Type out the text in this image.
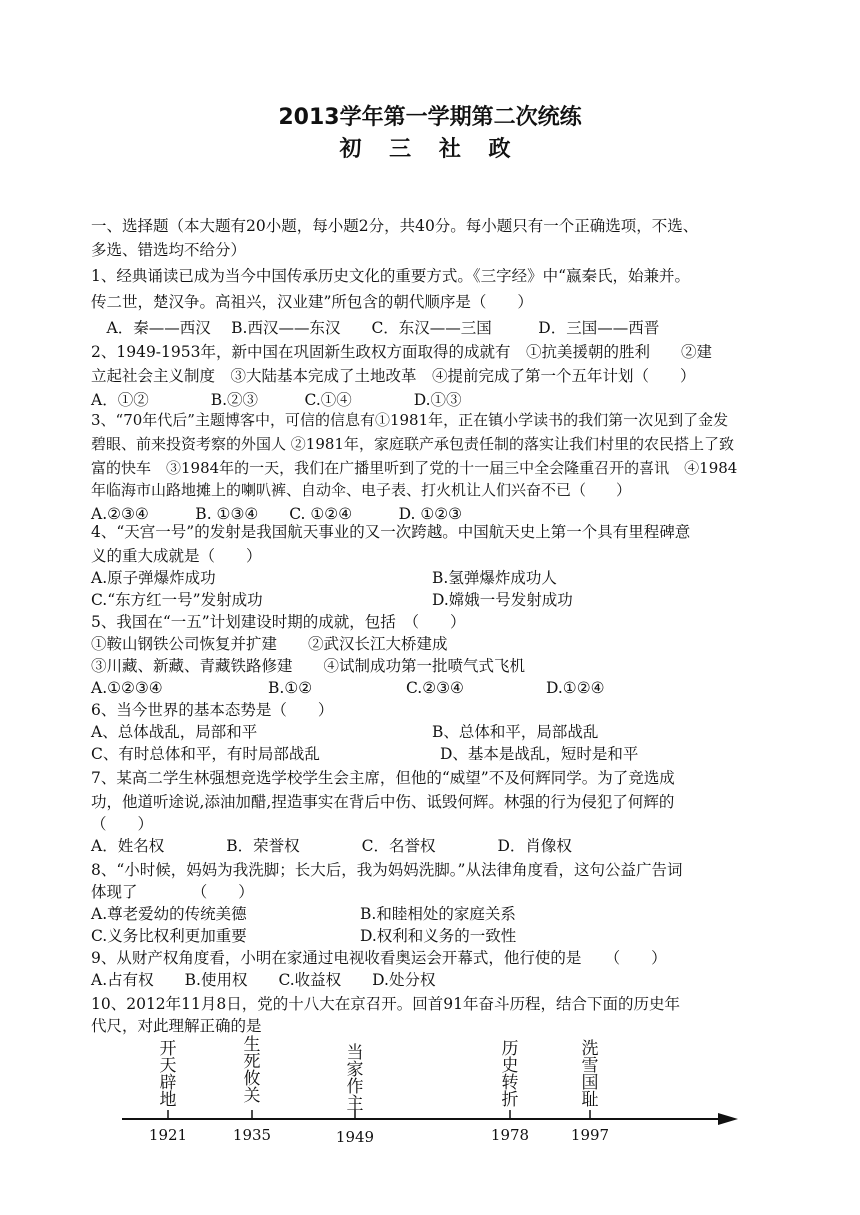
2013学年第一学期第二次统练
初 三 社 政
一、选择题（本大题有20小题，每小题2分，共40分。每小题只有一个正确选项，不选、
多选、错选均不给分）
1、经典诵读已成为当今中国传承历史文化的重要方式。《三字经》中“嬴秦氏，始兼并。
传二世，楚汉争。高祖兴，汉业建”所包含的朝代顺序是（　　）
　A．秦——西汉　 B.西汉——东汉　　C．东汉——三国　　　D．三国——西晋
2、1949-1953年，新中国在巩固新生政权方面取得的成就有　①抗美援朝的胜利　　②建
立起社会主义制度　③大陆基本完成了土地改革　④提前完成了第一个五年计划（　　）
A．①②　　　　B.②③　　　C.①④　　　　D.①③
3、“70年代后”主题博客中，可信的信息有①1981年，正在镇小学读书的我们第一次见到了金发
碧眼、前来投资考察的外国人 ②1981年，家庭联产承包责任制的落实让我们村里的农民搭上了致
富的快车　③1984年的一天，我们在广播里听到了党的十一届三中全会隆重召开的喜讯　④1984
年临海市山路地摊上的喇叭裤、自动伞、电子表、打火机让人们兴奋不已（　　）
A.②③④　　　B. ①③④　　C. ①②④　　　D. ①②③
4、“天宫一号”的发射是我国航天事业的又一次跨越。中国航天史上第一个具有里程碑意
义的重大成就是（　　）
A.原子弹爆炸成功	B.氢弹爆炸成功人
C.“东方红一号”发射成功	D.嫦娥一号发射成功
5、我国在“一五”计划建设时期的成就，包括　（　　）
①鞍山钢铁公司恢复并扩建　　②武汉长江大桥建成
③川藏、新藏、青藏铁路修建　　④试制成功第一批喷气式飞机
A.①②③④	B.①②	C.②③④	D.①②④
6、当今世界的基本态势是（　　）
A、总体战乱，局部和平	B、总体和平，局部战乱
C、有时总体和平，有时局部战乱	D、基本是战乱，短时是和平
7、某高二学生林强想竞选学校学生会主席，但他的“威望”不及何辉同学。为了竞选成
功，他道听途说,添油加醋,捏造事实在背后中伤、诋毁何辉。林强的行为侵犯了何辉的
（　　）
A．姓名权　　　　B．荣誉权　　　　C．名誉权　　　　D．肖像权
8、“小时候，妈妈为我洗脚；长大后，我为妈妈洗脚。”从法律角度看，这句公益广告词
体现了　　　　（　　）
A.尊老爱幼的传统美德	B.和睦相处的家庭关系
C.义务比权利更加重要	D.权利和义务的一致性
9、从财产权角度看，小明在家通过电视收看奥运会开幕式，他行使的是　　（　　）
A.占有权　　B.使用权　　C.收益权　　D.处分权
10、2012年11月8日，党的十八大在京召开。回首91年奋斗历程，结合下面的历史年
代尺，对此理解正确的是
开天辟地
1921
生死攸关
1935
当家作主
1949
历史转折
1978
洗雪国耻
1997
